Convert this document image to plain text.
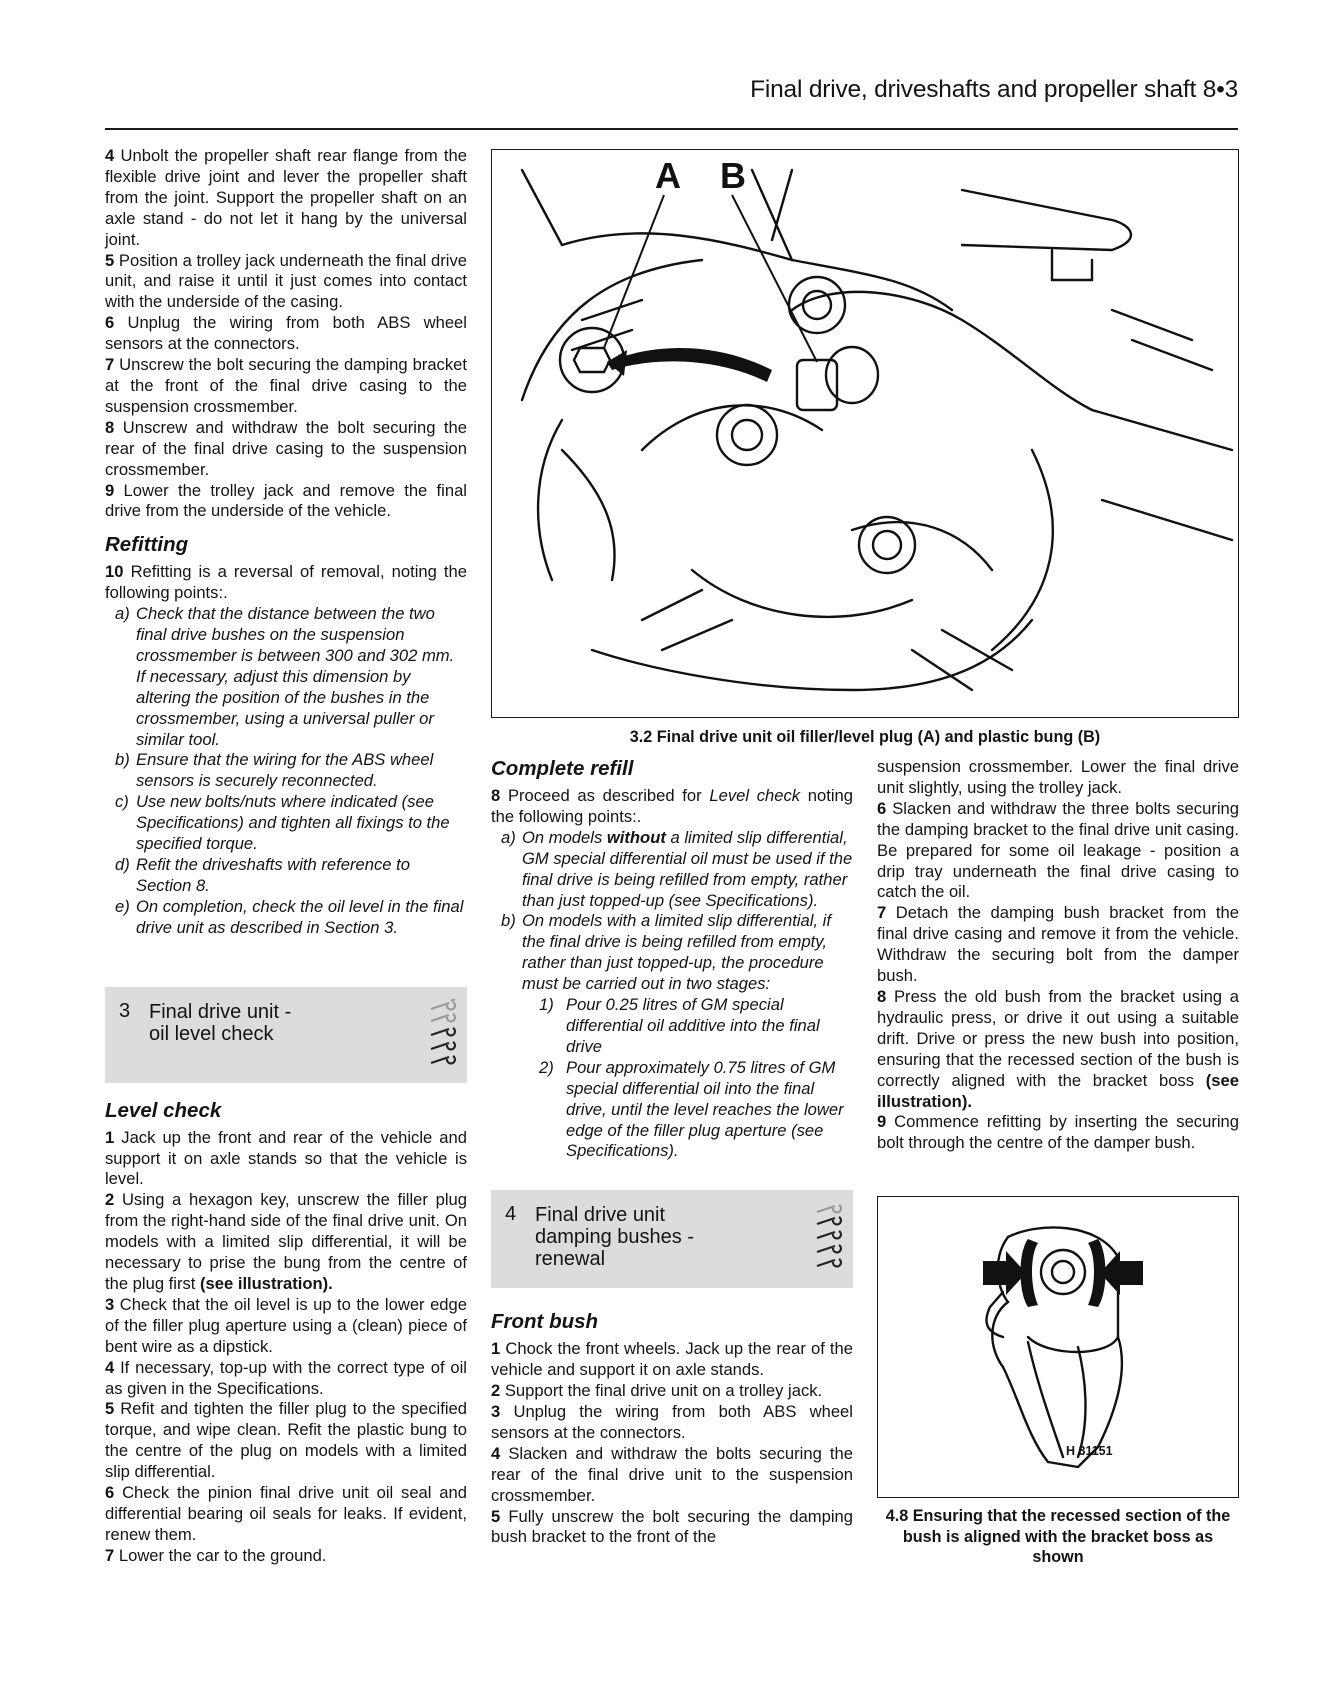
Final drive, driveshafts and propeller shaft 8•3

4 Unbolt the propeller shaft rear flange from the flexible drive joint and lever the propeller shaft from the joint. Support the propeller shaft on an axle stand - do not let it hang by the universal joint.

5 Position a trolley jack underneath the final drive unit, and raise it until it just comes into contact with the underside of the casing.

6 Unplug the wiring from both ABS wheel sensors at the connectors.

7 Unscrew the bolt securing the damping bracket at the front of the final drive casing to the suspension crossmember.

8 Unscrew and withdraw the bolt securing the rear of the final drive casing to the suspension crossmember.

9 Lower the trolley jack and remove the final drive from the underside of the vehicle.

Refitting

10 Refitting is a reversal of removal, noting the following points:.

a) Check that the distance between the two final drive bushes on the suspension crossmember is between 300 and 302 mm. If necessary, adjust this dimension by altering the position of the bushes in the crossmember, using a universal puller or similar tool.
b) Ensure that the wiring for the ABS wheel sensors is securely reconnected.
c) Use new bolts/nuts where indicated (see Specifications) and tighten all fixings to the specified torque.
d) Refit the driveshafts with reference to Section 8.
e) On completion, check the oil level in the final drive unit as described in Section 3.
3 Final drive unit -
oil level check
Level check

1 Jack up the front and rear of the vehicle and support it on axle stands so that the vehicle is level.

2 Using a hexagon key, unscrew the filler plug from the right-hand side of the final drive unit. On models with a limited slip differential, it will be necessary to prise the bung from the centre of the plug first (see illustration).

3 Check that the oil level is up to the lower edge of the filler plug aperture using a (clean) piece of bent wire as a dipstick.

4 If necessary, top-up with the correct type of oil as given in the Specifications.

5 Refit and tighten the filler plug to the specified torque, and wipe clean. Refit the plastic bung to the centre of the plug on models with a limited slip differential.

6 Check the pinion final drive unit oil seal and differential bearing oil seals for leaks. If evident, renew them.

7 Lower the car to the ground.

A B
3.2 Final drive unit oil filler/level plug (A) and plastic bung (B)
Complete refill

8 Proceed as described for Level check noting the following points:.

a) On models without a limited slip differential, GM special differential oil must be used if the final drive is being refilled from empty, rather than just topped-up (see Specifications).
b) On models with a limited slip differential, if the final drive is being refilled from empty, rather than just topped-up, the procedure must be carried out in two stages:
1) Pour 0.25 litres of GM special differential oil additive into the final drive
2) Pour approximately 0.75 litres of GM special differential oil into the final drive, until the level reaches the lower edge of the filler plug aperture (see Specifications).
4 Final drive unit
damping bushes -
renewal
Front bush

1 Chock the front wheels. Jack up the rear of the vehicle and support it on axle stands.

2 Support the final drive unit on a trolley jack.

3 Unplug the wiring from both ABS wheel sensors at the connectors.

4 Slacken and withdraw the bolts securing the rear of the final drive unit to the suspension crossmember.

5 Fully unscrew the bolt securing the damping bush bracket to the front of the

suspension crossmember. Lower the final drive unit slightly, using the trolley jack.

6 Slacken and withdraw the three bolts securing the damping bracket to the final drive unit casing. Be prepared for some oil leakage - position a drip tray underneath the final drive casing to catch the oil.

7 Detach the damping bush bracket from the final drive casing and remove it from the vehicle. Withdraw the securing bolt from the damper bush.

8 Press the old bush from the bracket using a hydraulic press, or drive it out using a suitable drift. Drive or press the new bush into position, ensuring that the recessed section of the bush is correctly aligned with the bracket boss (see illustration).

9 Commence refitting by inserting the securing bolt through the centre of the damper bush.

H 31151
4.8 Ensuring that the recessed section of the bush is aligned with the bracket boss as shown
